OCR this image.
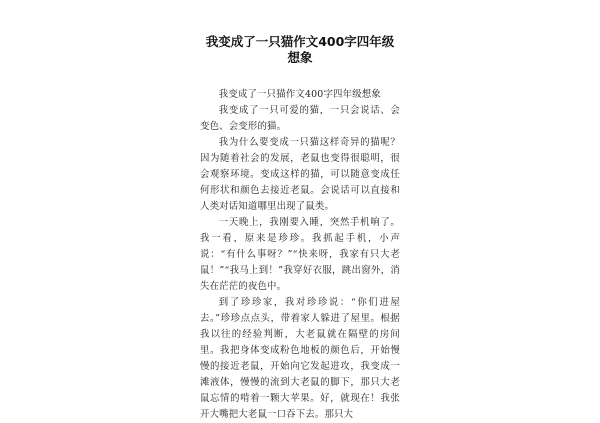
我变成了一只猫作文400字四年级想象

我变成了一只猫作文400字四年级想象

我变成了一只可爱的猫，一只会说话、会变色、会变形的猫。

我为什么要变成一只猫这样奇异的猫呢？因为随着社会的发展，老鼠也变得很聪明，很会观察环境。变成这样的猫，可以随意变成任何形状和颜色去接近老鼠。会说话可以直接和人类对话知道哪里出现了鼠类。

一天晚上，我刚要入睡，突然手机响了。我一看，原来是珍珍。我抓起手机，小声说：“有什么事呀？”“快来呀，我家有只大老鼠！”“我马上到！”我穿好衣服，跳出窗外，消失在茫茫的夜色中。

到了珍珍家，我对珍珍说：“你们进屋去。”珍珍点点头，带着家人躲进了屋里。根据我以往的经验判断，大老鼠就在隔壁的房间里。我把身体变成粉色地板的颜色后，开始慢慢的接近老鼠，开始向它发起进攻，我变成一滩液体，慢慢的流到大老鼠的脚下，那只大老鼠忘情的啃着一颗大苹果。好，就现在！我张开大嘴把大老鼠一口吞下去。那只大
